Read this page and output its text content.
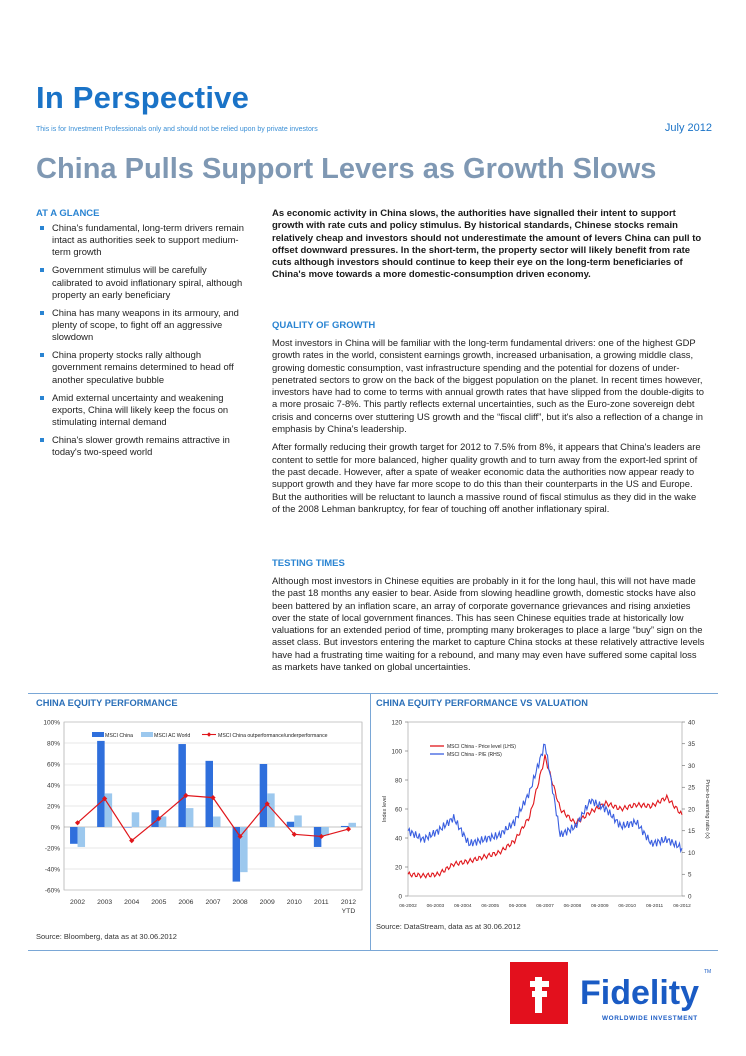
In Perspective
This is for Investment Professionals only and should not be relied upon by private investors	July 2012
China Pulls Support Levers as Growth Slows
AT A GLANCE
China's fundamental, long-term drivers remain intact as authorities seek to support medium-term growth
Government stimulus will be carefully calibrated to avoid inflationary spiral, although property an early beneficiary
China has many weapons in its armoury, and plenty of scope, to fight off an aggressive slowdown
China property stocks rally although government remains determined to head off another speculative bubble
Amid external uncertainty and weakening exports, China will likely keep the focus on stimulating internal demand
China's slower growth remains attractive in today's two-speed world
As economic activity in China slows, the authorities have signalled their intent to support growth with rate cuts and policy stimulus. By historical standards, Chinese stocks remain relatively cheap and investors should not underestimate the amount of levers China can pull to offset downward pressures. In the short-term, the property sector will likely benefit from rate cuts although investors should continue to keep their eye on the long-term beneficiaries of China's move towards a more domestic-consumption driven economy.
QUALITY OF GROWTH

Most investors in China will be familiar with the long-term fundamental drivers: one of the highest GDP growth rates in the world, consistent earnings growth, increased urbanisation, a growing middle class, growing domestic consumption, vast infrastructure spending and the potential for dozens of under-penetrated sectors to grow on the back of the biggest population on the planet. In recent times however, investors have had to come to terms with annual growth rates that have slipped from the double-digits to a more prosaic 7-8%. This partly reflects external uncertainties, such as the Euro-zone sovereign debt crisis and concerns over stuttering US growth and the “fiscal cliff”, but it's also a reflection of a change in emphasis by China's leadership.

After formally reducing their growth target for 2012 to 7.5% from 8%, it appears that China's leaders are content to settle for more balanced, higher quality growth and to turn away from the export-led sprint of the past decade. However, after a spate of weaker economic data the authorities now appear ready to support growth and they have far more scope to do this than their counterparts in the US and Europe. But the authorities will be reluctant to launch a massive round of fiscal stimulus as they did in the wake of the 2008 Lehman bankruptcy, for fear of touching off another inflationary spiral.

TESTING TIMES

Although most investors in Chinese equities are probably in it for the long haul, this will not have made the past 18 months any easier to bear. Aside from slowing headline growth, domestic stocks have also been battered by an inflation scare, an array of corporate governance grievances and rising anxieties over the state of local government finances. This has seen Chinese equities trade at historically low valuations for an extended period of time, prompting many brokerages to place a large “buy” sign on the asset class. But investors entering the market to capture China stocks at these relatively attractive levels have had a frustrating time waiting for a rebound, and many may even have suffered some capital loss as markets have tanked on global uncertainties.

CHINA EQUITY PERFORMANCE	CHINA EQUITY PERFORMANCE VS VALUATION
Source: Bloomberg, data as at 30.06.2012
Source: DataStream, data as at 30.06.2012
100%
80%
60%
40%
20%
0%
-20%
-40%
-60%
2002 2003 2004 2005 2006 2007 2008 2009 2010 2011 2012
YTD
MSCI China	MSCI AC World	MSCI China outperformance/underperformance
0
20
40
60
80
100
120
0
5
10
15
20
25
30
35
40
06-2002 06-2003 06-2004 06-2005 06-2006 06-2007 06-2008 06-2009 06-2010 06-2011 06-2012
Index level	Price-to-earning ratio (x)
MSCI China - Price level (LHS)
MSCI China - P/E (RHS)
Fidelity
TM
WORLDWIDE INVESTMENT
